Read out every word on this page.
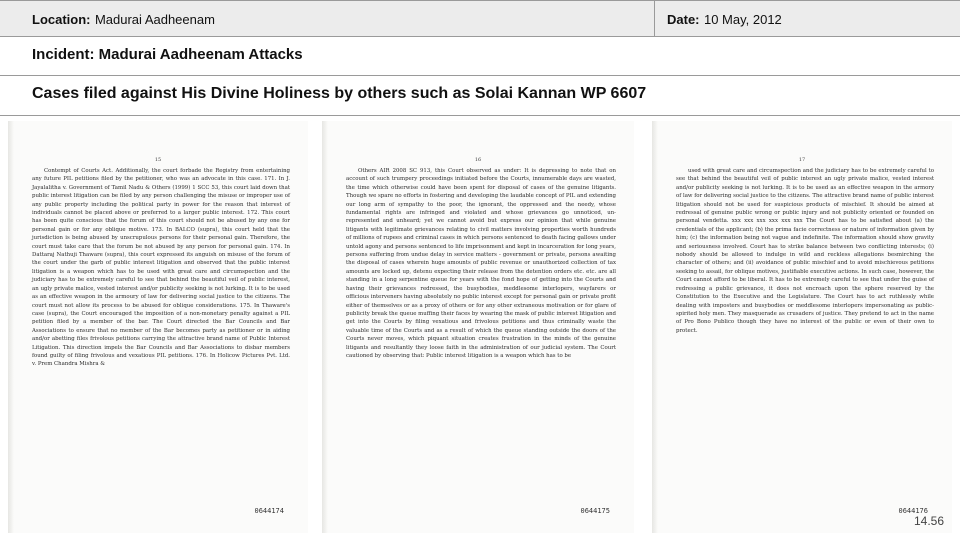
Location: Madurai Aadheenam	Date: 10 May, 2012
Incident: Madurai Aadheenam Attacks
Cases filed against His Divine Holiness by others such as Solai Kannan WP 6607
15

Contempt of Courts Act. Additionally, the court forbade the Registry from entertaining any future PIL petitions filed by the petitioner, who was an advocate in this case. 171. In J. Jayalalitha v. Government of Tamil Nadu & Others (1999) 1 SCC 53, this court laid down that public interest litigation can be filed by any person challenging the misuse or improper use of any public property including the political party in power for the reason that interest of individuals cannot be placed above or preferred to a larger public interest. 172. This court has been quite conscious that the forum of this court should not be abused by any one for personal gain or for any oblique motive. 173. In BALCO (supra), this court held that the jurisdiction is being abused by unscrupulous persons for their personal gain. Therefore, the court must take care that the forum be not abused by any person for personal gain. 174. In Dattaraj Nathuji Thaware (supra), this court expressed its anguish on misuse of the forum of the court under the garb of public interest litigation and observed that the public interest litigation is a weapon which has to be used with great care and circumspection and the judiciary has to be extremely careful to see that behind the beautiful veil of public interest, an ugly private malice, vested interest and/or publicity seeking is not lurking. It is to be used as an effective weapon in the armoury of law for delivering social justice to the citizens. The court must not allow its process to be abused for oblique considerations. 175. In Thaware's case (supra), the Court encouraged the imposition of a non-monetary penalty against a PIL petition filed by a member of the bar. The Court directed the Bar Councils and Bar Associations to ensure that no member of the Bar becomes party as petitioner or in aiding and/or abetting files frivolous petitions carrying the attractive brand name of Public Interest Litigation. This direction impels the Bar Councils and Bar Associations to disbar members found guilty of filing frivolous and vexatious PIL petitions. 176. In Holicow Pictures Pvt. Ltd. v. Prem Chandra Mishra &

0644174
16

Others AIR 2008 SC 913, this Court observed as under: It is depressing to note that on account of such trumpery proceedings initiated before the Courts, innumerable days are wasted, the time which otherwise could have been spent for disposal of cases of the genuine litigants. Though we spare no efforts in fostering and developing the laudable concept of PIL and extending our long arm of sympathy to the poor, the ignorant, the oppressed and the needy, whose fundamental rights are infringed and violated and whose grievances go unnoticed, un-represented and unheard; yet we cannot avoid but express our opinion that while genuine litigants with legitimate grievances relating to civil matters involving properties worth hundreds of millions of rupees and criminal cases in which persons sentenced to death facing gallows under untold agony and persons sentenced to life imprisonment and kept in incarceration for long years, persons suffering from undue delay in service matters - government or private, persons awaiting the disposal of cases wherein huge amounts of public revenue or unauthorized collection of tax amounts are locked up, detenu expecting their release from the detention orders etc. etc. are all standing in a long serpentine queue for years with the fond hope of getting into the Courts and having their grievances redressed, the busybodies, meddlesome interlopers, wayfarers or officious interveners having absolutely no public interest except for personal gain or private profit either of themselves or as a proxy of others or for any other extraneous motivation or for glare of publicity break the queue muffing their faces by wearing the mask of public interest litigation and get into the Courts by filing vexatious and frivolous petitions and thus criminally waste the valuable time of the Courts and as a result of which the queue standing outside the doors of the Courts never moves, which piquant situation creates frustration in the minds of the genuine litigants and resultantly they loose faith in the administration of our judicial system. The Court cautioned by observing that: Public interest litigation is a weapon which has to be

0644175
17

used with great care and circumspection and the judiciary has to be extremely careful to see that behind the beautiful veil of public interest an ugly private malice, vested interest and/or publicity seeking is not lurking. It is to be used as an effective weapon in the armory of law for delivering social justice to the citizens. The attractive brand name of public interest litigation should not be used for suspicious products of mischief. It should be aimed at redressal of genuine public wrong or public injury and not publicity oriented or founded on personal vendetta. xxx xxx xxx xxx xxx xxx The Court has to be satisfied about (a) the credentials of the applicant; (b) the prima facie correctness or nature of information given by him; (c) the information being not vague and indefinite. The information should show gravity and seriousness involved. Court has to strike balance between two conflicting interests; (i) nobody should be allowed to indulge in wild and reckless allegations besmirching the character of others; and (ii) avoidance of public mischief and to avoid mischievous petitions seeking to assail, for oblique motives, justifiable executive actions. In such case, however, the Court cannot afford to be liberal. It has to be extremely careful to see that under the guise of redressing a public grievance, it does not encroach upon the sphere reserved by the Constitution to the Executive and the Legislature. The Court has to act ruthlessly while dealing with imposters and busybodies or meddlesome interlopers impersonating as public-spirited holy men. They masquerade as crusaders of justice. They pretend to act in the name of Pro Bono Publico though they have no interest of the public or even of their own to protect.

0644176
14.56
